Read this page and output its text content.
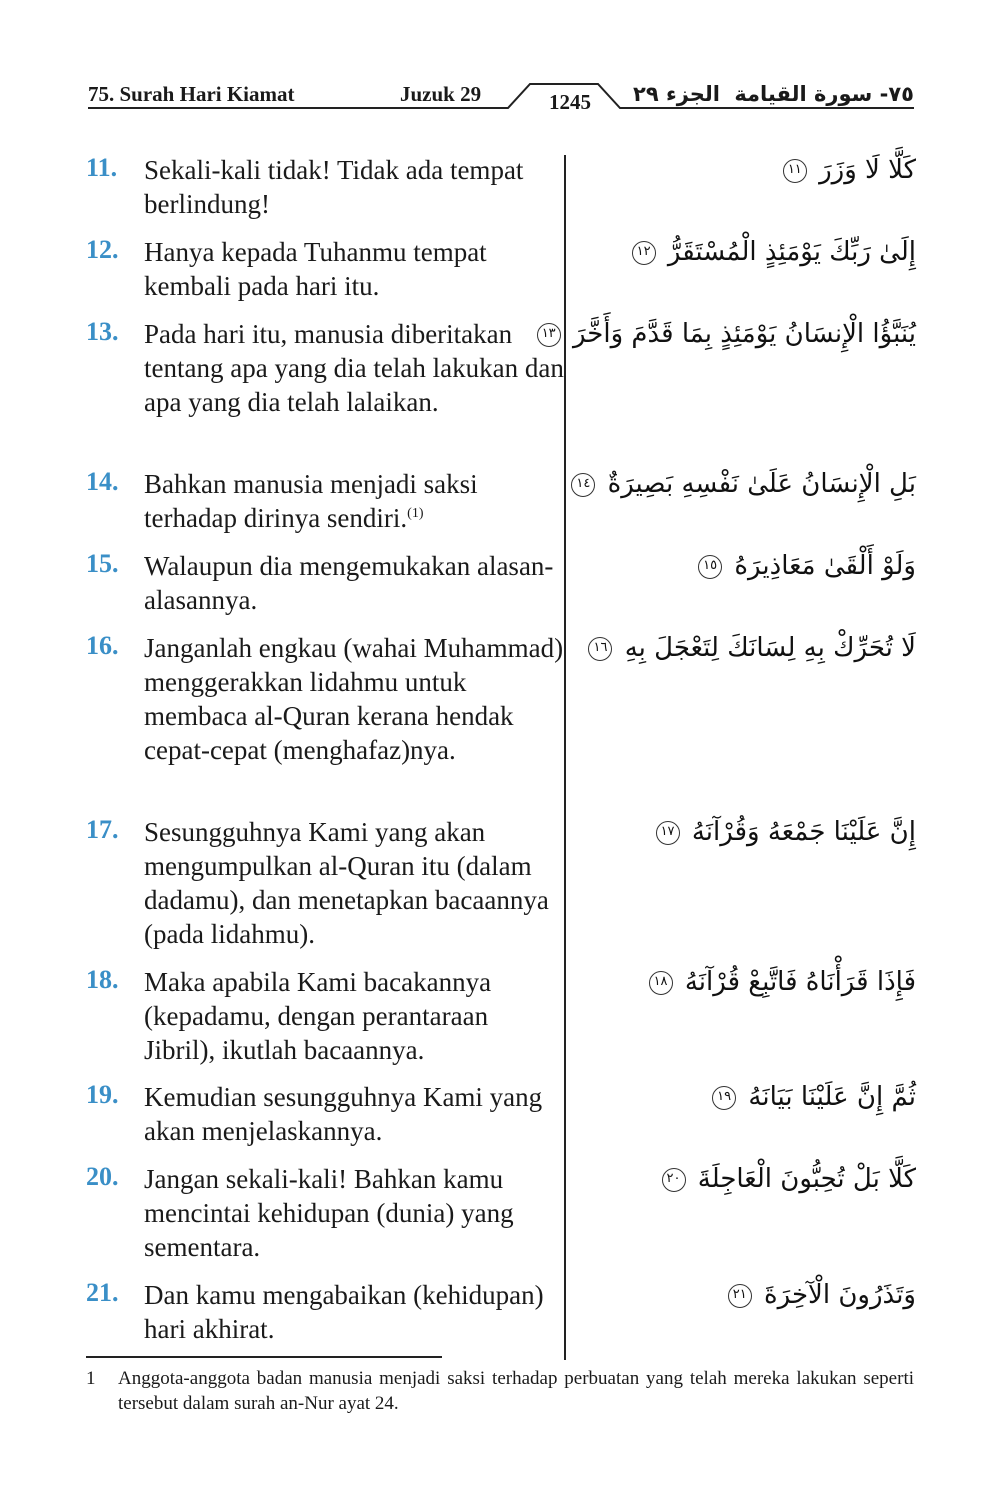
75. Surah Hari Kiamat	Juzuk 29	1245	الجزء ٢٩ ٧٥- سورة القيامة
11. Sekali-kali tidak! Tidak ada tempat berlindung!
كَلَّا لَا وَزَرَ ١١
12. Hanya kepada Tuhanmu tempat kembali pada hari itu.
إِلَىٰ رَبِّكَ يَوْمَئِذٍ الْمُسْتَقَرُّ ١٢
13. Pada hari itu, manusia diberitakan tentang apa yang dia telah lakukan dan apa yang dia telah lalaikan.
يُنَبَّؤُا الْإِنسَانُ يَوْمَئِذٍ بِمَا قَدَّمَ وَأَخَّرَ ١٣
14. Bahkan manusia menjadi saksi terhadap dirinya sendiri.$^{(1)}$
بَلِ الْإِنسَانُ عَلَىٰ نَفْسِهِ بَصِيرَةٌ ١٤
15. Walaupun dia mengemukakan alasan-alasannya.
وَلَوْ أَلْقَىٰ مَعَاذِيرَهُ ١٥
16. Janganlah engkau (wahai Muhammad) menggerakkan lidahmu untuk membaca al-Quran kerana hendak cepat-cepat (menghafaz)nya.
لَا تُحَرِّكْ بِهِ لِسَانَكَ لِتَعْجَلَ بِهِ ١٦
17. Sesungguhnya Kami yang akan mengumpulkan al-Quran itu (dalam dadamu), dan menetapkan bacaannya (pada lidahmu).
إِنَّ عَلَيْنَا جَمْعَهُ وَقُرْآنَهُ ١٧
18. Maka apabila Kami bacakannya (kepadamu, dengan perantaraan Jibril), ikutlah bacaannya.
فَإِذَا قَرَأْنَاهُ فَاتَّبِعْ قُرْآنَهُ ١٨
19. Kemudian sesungguhnya Kami yang akan menjelaskannya.
ثُمَّ إِنَّ عَلَيْنَا بَيَانَهُ ١٩
20. Jangan sekali-kali! Bahkan kamu mencintai kehidupan (dunia) yang sementara.
كَلَّا بَلْ تُحِبُّونَ الْعَاجِلَةَ ٢٠
21. Dan kamu mengabaikan (kehidupan) hari akhirat.
وَتَذَرُونَ الْآخِرَةَ ٢١
1 Anggota-anggota badan manusia menjadi saksi terhadap perbuatan yang telah mereka lakukan seperti tersebut dalam surah an-Nur ayat 24.
